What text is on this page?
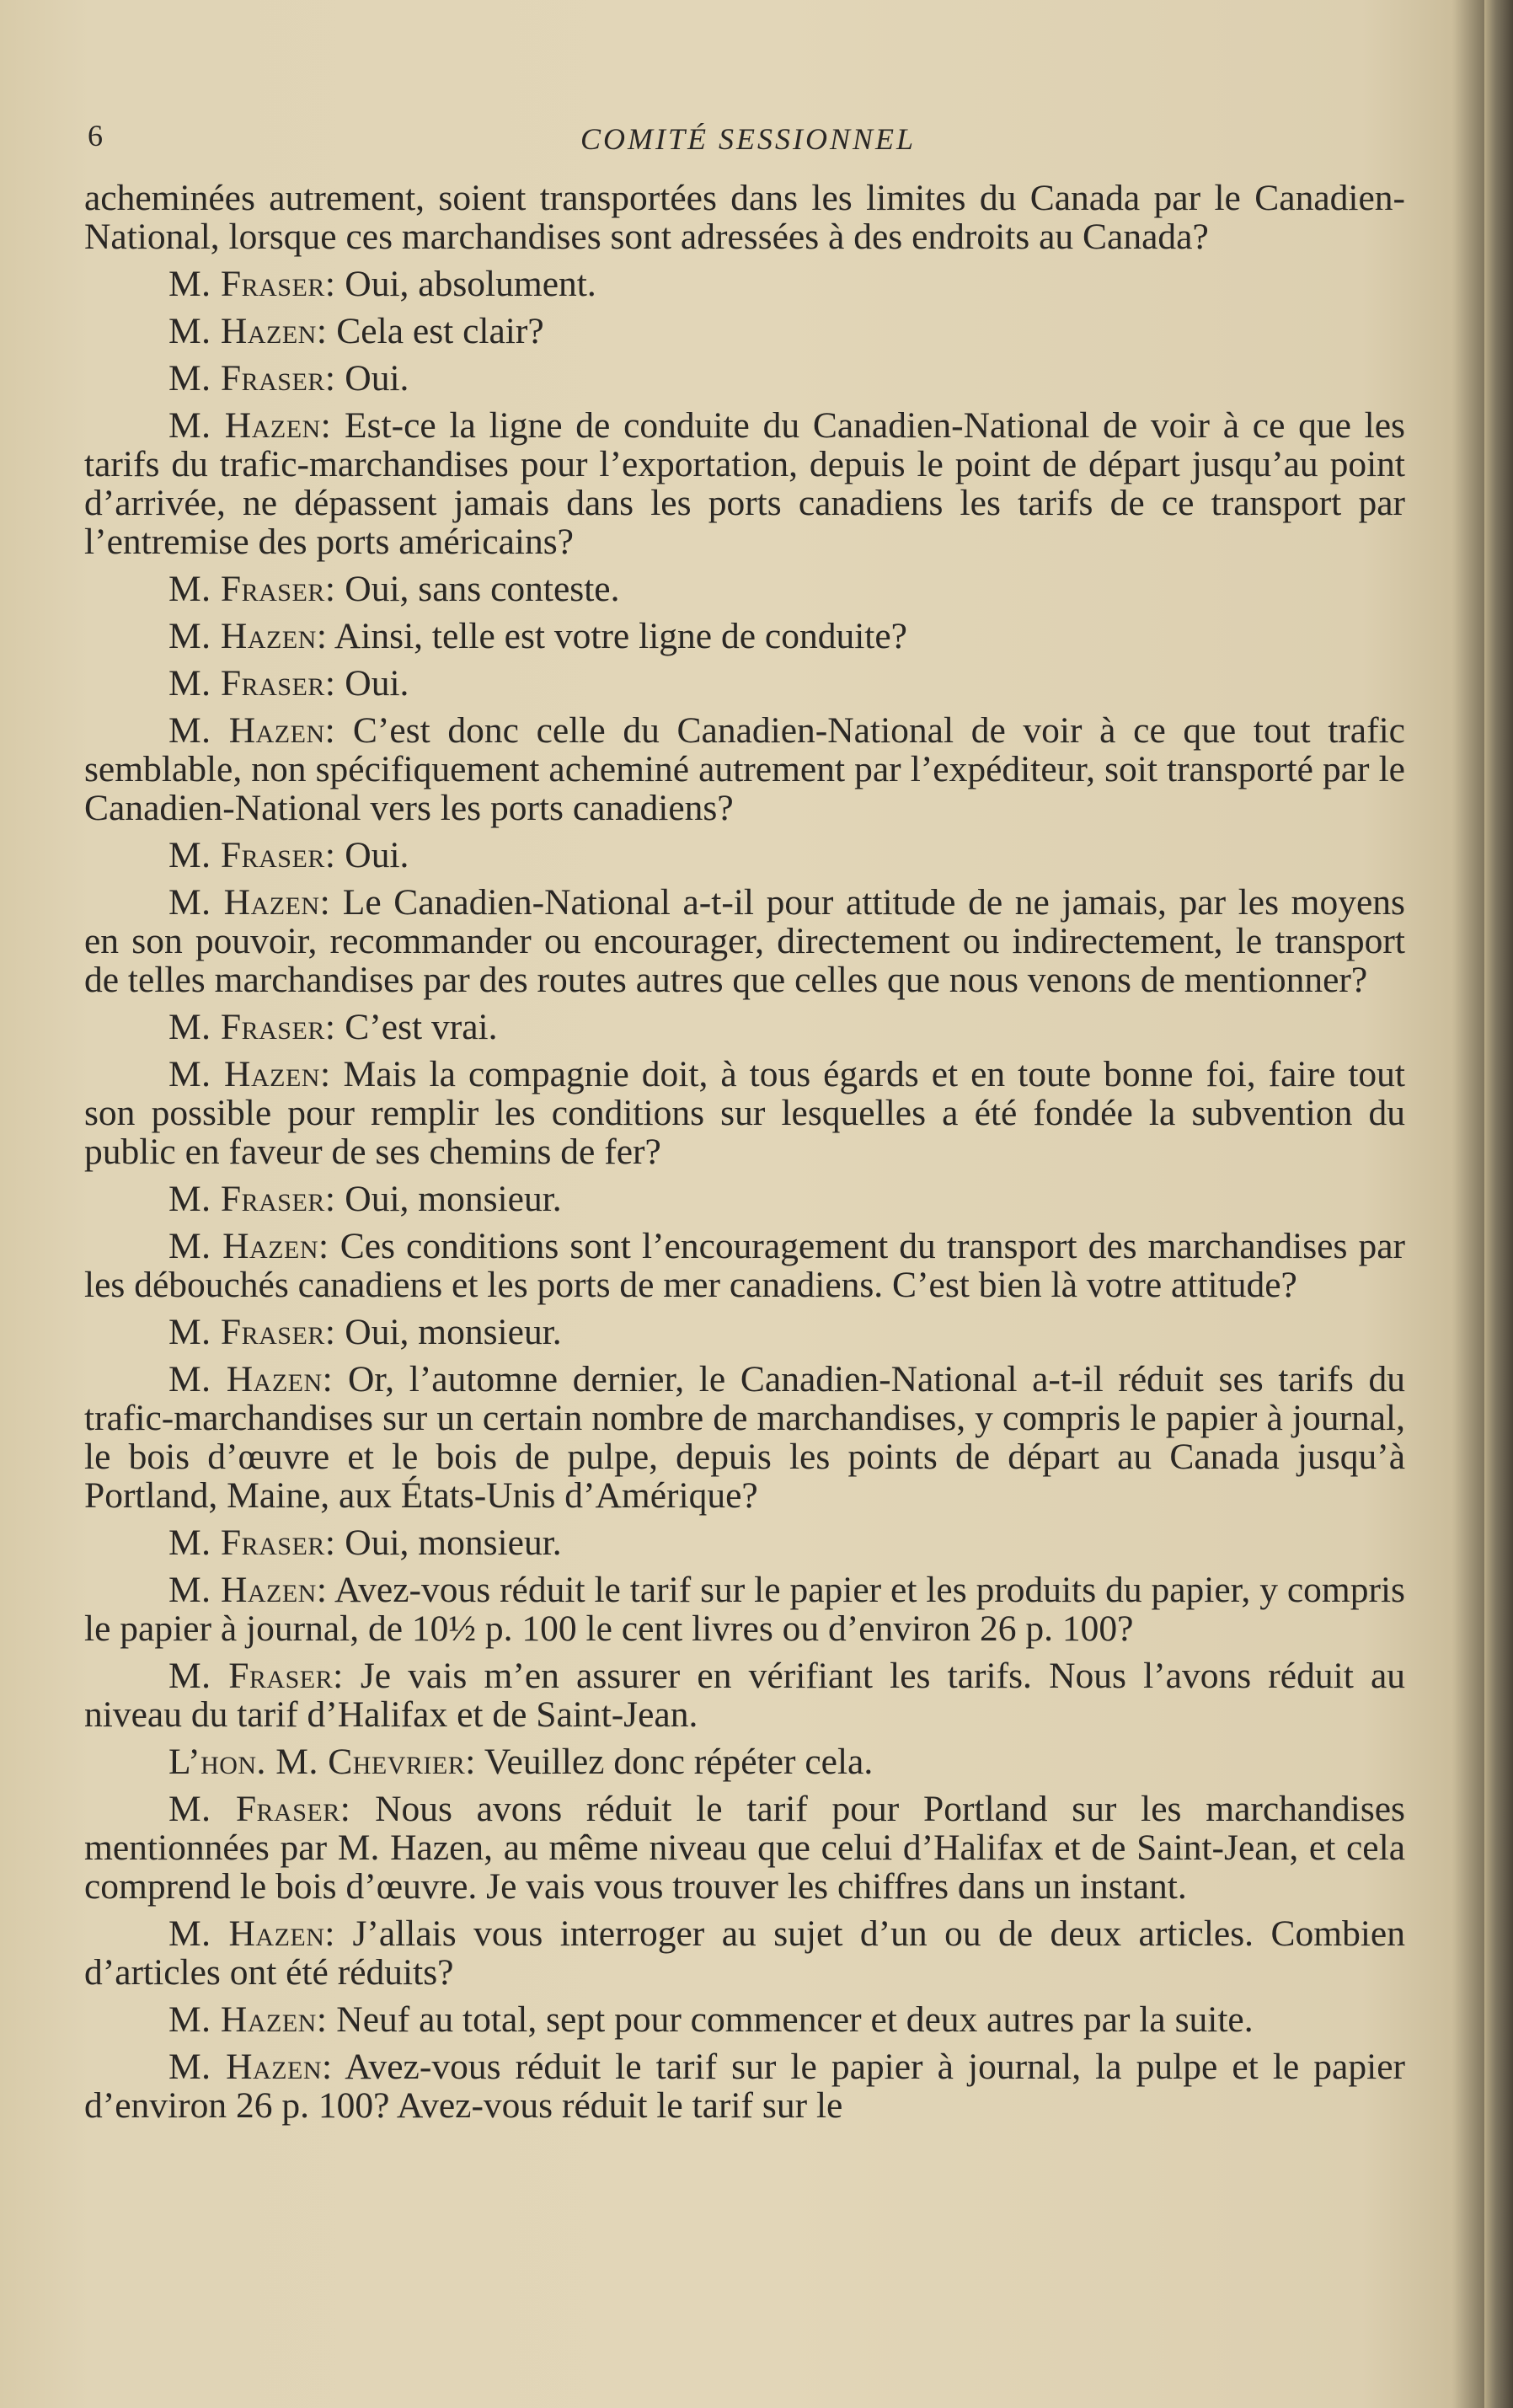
6	COMITÉ SESSIONNEL

acheminées autrement, soient transportées dans les limites du Canada par le Canadien-National, lorsque ces marchandises sont adressées à des endroits au Canada?

M. Fraser: Oui, absolument.

M. Hazen: Cela est clair?

M. Fraser: Oui.

M. Hazen: Est-ce la ligne de conduite du Canadien-National de voir à ce que les tarifs du trafic-marchandises pour l’exportation, depuis le point de départ jusqu’au point d’arrivée, ne dépassent jamais dans les ports canadiens les tarifs de ce transport par l’entremise des ports américains?

M. Fraser: Oui, sans conteste.

M. Hazen: Ainsi, telle est votre ligne de conduite?

M. Fraser: Oui.

M. Hazen: C’est donc celle du Canadien-National de voir à ce que tout trafic semblable, non spécifiquement acheminé autrement par l’expéditeur, soit transporté par le Canadien-National vers les ports canadiens?

M. Fraser: Oui.

M. Hazen: Le Canadien-National a-t-il pour attitude de ne jamais, par les moyens en son pouvoir, recommander ou encourager, directement ou indirectement, le transport de telles marchandises par des routes autres que celles que nous venons de mentionner?

M. Fraser: C’est vrai.

M. Hazen: Mais la compagnie doit, à tous égards et en toute bonne foi, faire tout son possible pour remplir les conditions sur lesquelles a été fondée la subvention du public en faveur de ses chemins de fer?

M. Fraser: Oui, monsieur.

M. Hazen: Ces conditions sont l’encouragement du transport des marchandises par les débouchés canadiens et les ports de mer canadiens. C’est bien là votre attitude?

M. Fraser: Oui, monsieur.

M. Hazen: Or, l’automne dernier, le Canadien-National a-t-il réduit ses tarifs du trafic-marchandises sur un certain nombre de marchandises, y compris le papier à journal, le bois d’œuvre et le bois de pulpe, depuis les points de départ au Canada jusqu’à Portland, Maine, aux États-Unis d’Amérique?

M. Fraser: Oui, monsieur.

M. Hazen: Avez-vous réduit le tarif sur le papier et les produits du papier, y compris le papier à journal, de 10½ p. 100 le cent livres ou d’environ 26 p. 100?

M. Fraser: Je vais m’en assurer en vérifiant les tarifs. Nous l’avons réduit au niveau du tarif d’Halifax et de Saint-Jean.

L’hon. M. Chevrier: Veuillez donc répéter cela.

M. Fraser: Nous avons réduit le tarif pour Portland sur les marchandises mentionnées par M. Hazen, au même niveau que celui d’Halifax et de Saint-Jean, et cela comprend le bois d’œuvre. Je vais vous trouver les chiffres dans un instant.

M. Hazen: J’allais vous interroger au sujet d’un ou de deux articles. Combien d’articles ont été réduits?

M. Hazen: Neuf au total, sept pour commencer et deux autres par la suite.

M. Hazen: Avez-vous réduit le tarif sur le papier à journal, la pulpe et le papier d’environ 26 p. 100? Avez-vous réduit le tarif sur le
